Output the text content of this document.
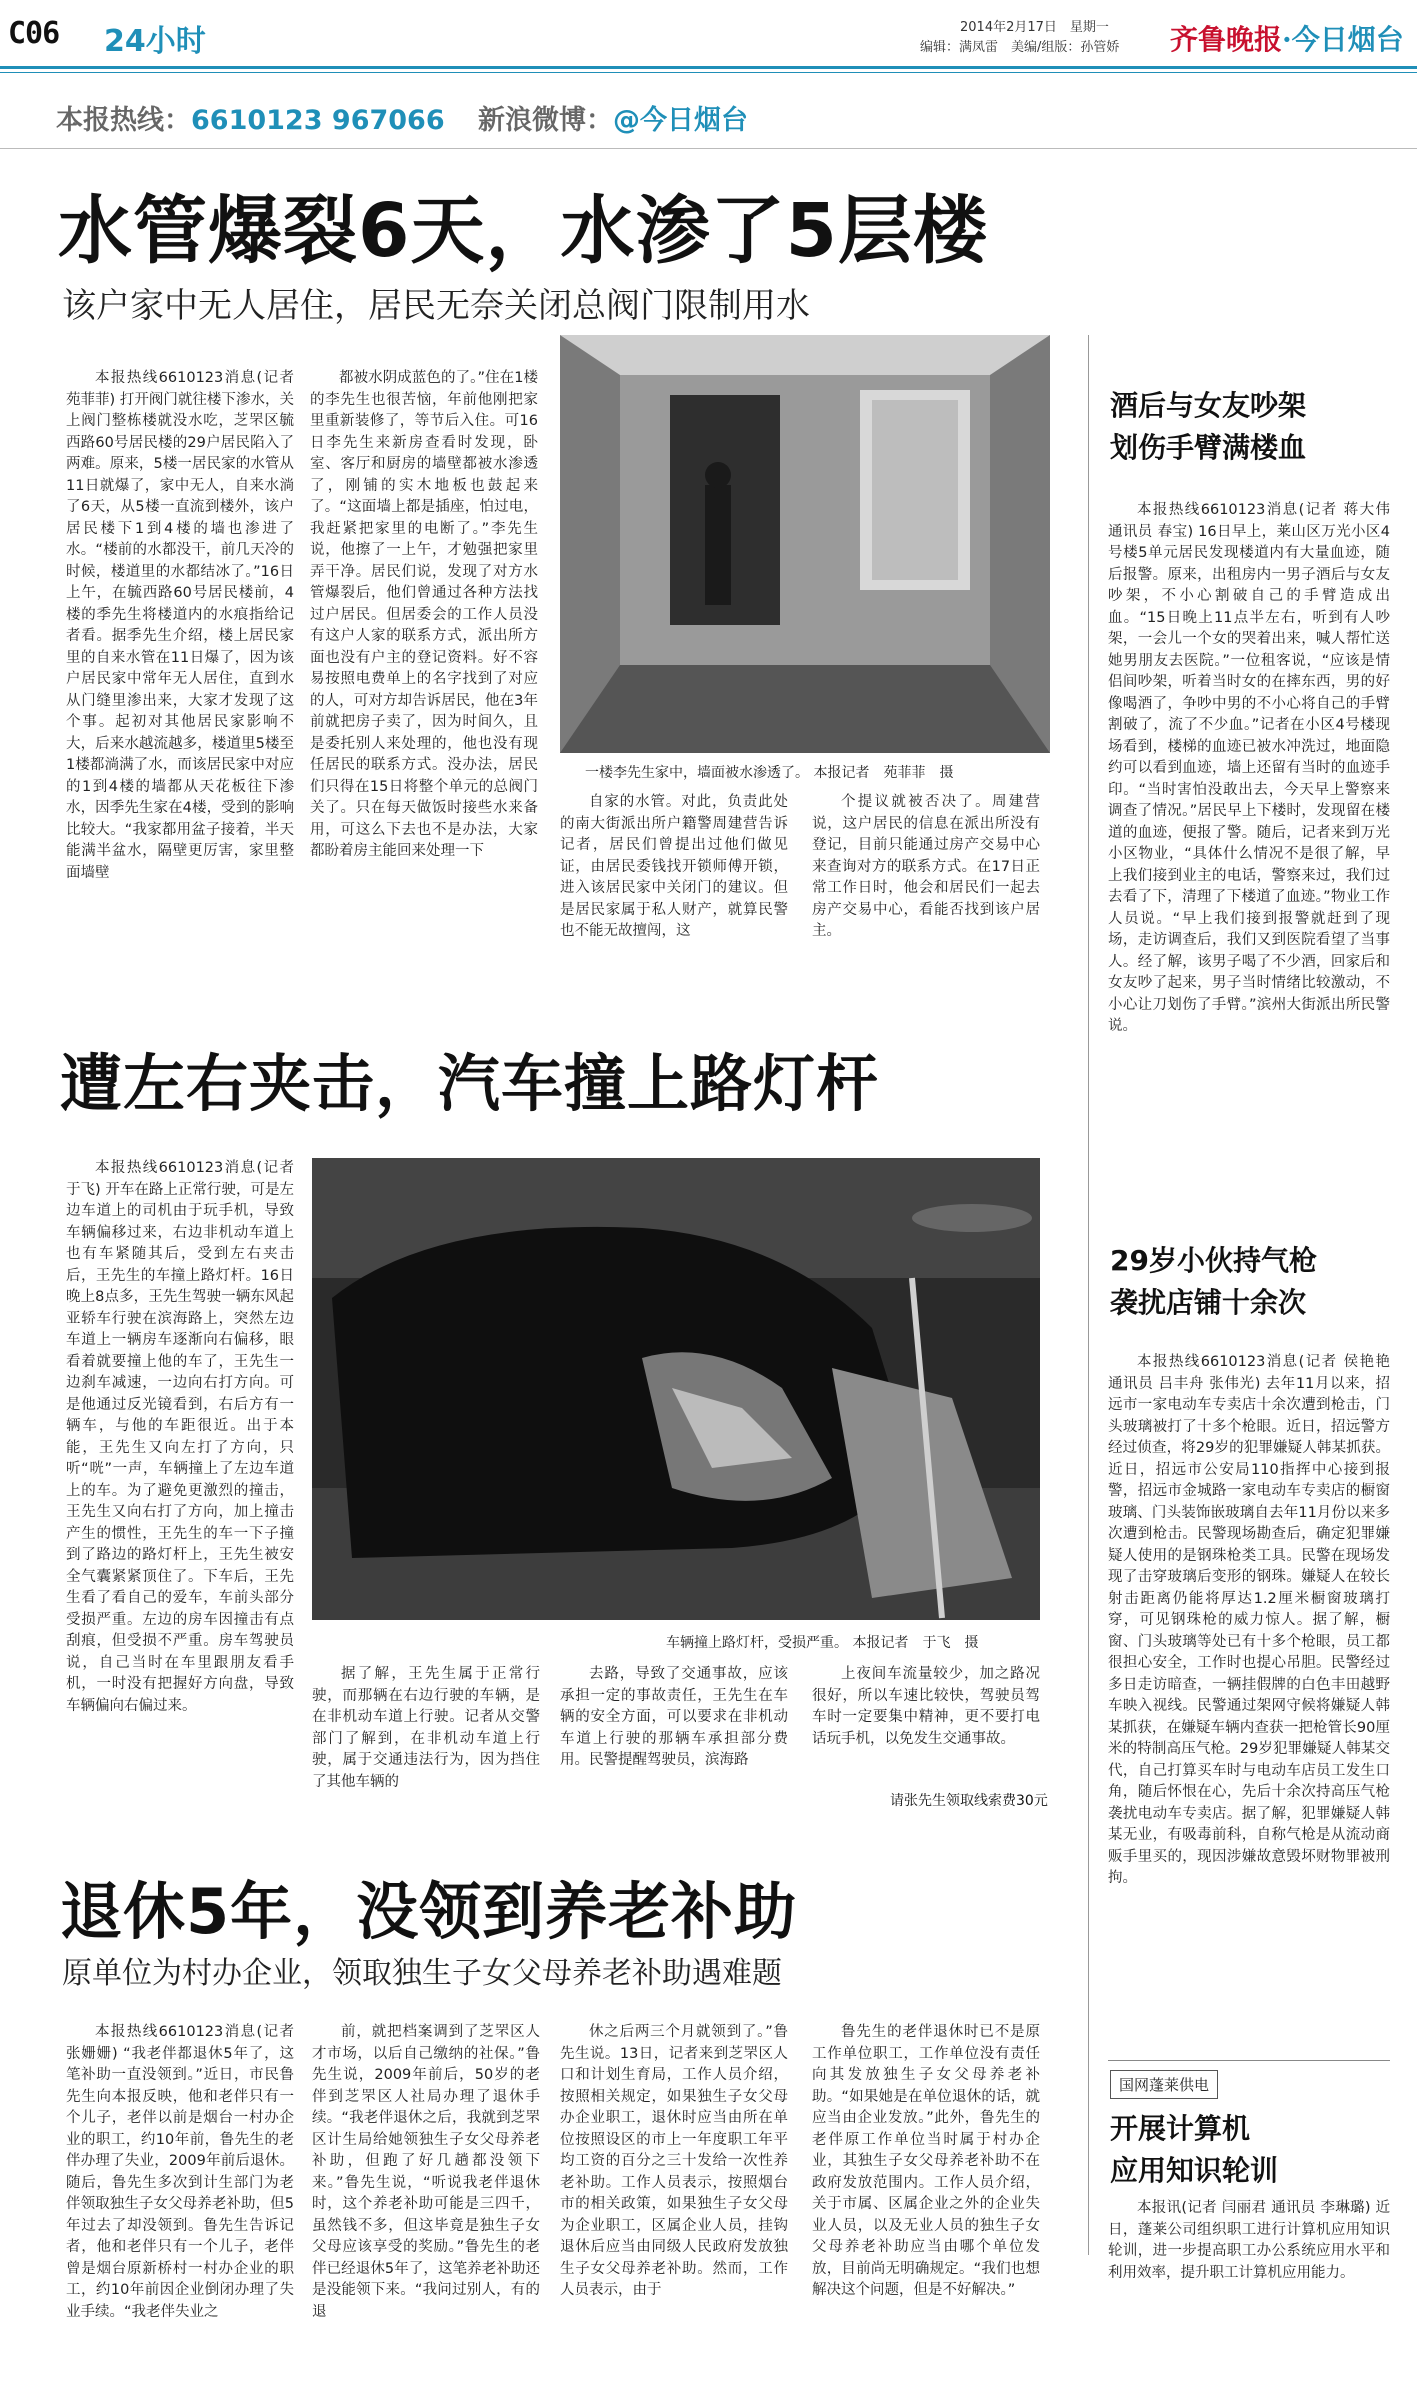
C06 24小时	2014年2月17日　星期一
编辑：满凤雷　美编/组版：孙管娇 齐鲁晚报·今日烟台
本报热线：6610123 967066 新浪微博：@今日烟台
水管爆裂6天，水渗了5层楼
该户家中无人居住，居民无奈关闭总阀门限制用水

本报热线6610123消息(记者 苑菲菲) 打开阀门就往楼下渗水，关上阀门整栋楼就没水吃，芝罘区毓西路60号居民楼的29户居民陷入了两难。原来，5楼一居民家的水管从11日就爆了，家中无人，自来水淌了6天，从5楼一直流到楼外，该户居民楼下1到4楼的墙也渗进了水。“楼前的水都没干，前几天冷的时候，楼道里的水都结冰了。”16日上午，在毓西路60号居民楼前，4楼的季先生将楼道内的水痕指给记者看。据季先生介绍，楼上居民家里的自来水管在11日爆了，因为该户居民家中常年无人居住，直到水从门缝里渗出来，大家才发现了这个事。起初对其他居民家影响不大，后来水越流越多，楼道里5楼至1楼都淌满了水，而该居民家中对应的1到4楼的墙都从天花板往下渗水，因季先生家在4楼，受到的影响比较大。“我家都用盆子接着，半天能满半盆水，隔壁更厉害，家里整面墙壁

都被水阴成蓝色的了。”住在1楼的李先生也很苦恼，年前他刚把家里重新装修了，等节后入住。可16日李先生来新房查看时发现，卧室、客厅和厨房的墙壁都被水渗透了，刚铺的实木地板也鼓起来了。“这面墙上都是插座，怕过电，我赶紧把家里的电断了。”李先生说，他擦了一上午，才勉强把家里弄干净。居民们说，发现了对方水管爆裂后，他们曾通过各种方法找过户居民。但居委会的工作人员没有这户人家的联系方式，派出所方面也没有户主的登记资料。好不容易按照电费单上的名字找到了对应的人，可对方却告诉居民，他在3年前就把房子卖了，因为时间久，且是委托别人来处理的，他也没有现任居民的联系方式。没办法，居民们只得在15日将整个单元的总阀门关了。只在每天做饭时接些水来备用，可这么下去也不是办法，大家都盼着房主能回来处理一下

一楼李先生家中，墙面被水渗透了。 本报记者　苑菲菲　摄

自家的水管。对此，负责此处的南大街派出所户籍警周建营告诉记者，居民们曾提出过他们做见证，由居民委钱找开锁师傅开锁，进入该居民家中关闭门的建议。但是居民家属于私人财产，就算民警也不能无故擅闯，这

个提议就被否决了。周建营说，这户居民的信息在派出所没有登记，目前只能通过房产交易中心来查询对方的联系方式。在17日正常工作日时，他会和居民们一起去房产交易中心，看能否找到该户居主。

遭左右夹击，汽车撞上路灯杆

本报热线6610123消息(记者 于飞) 开车在路上正常行驶，可是左边车道上的司机由于玩手机，导致车辆偏移过来，右边非机动车道上也有车紧随其后，受到左右夹击后，王先生的车撞上路灯杆。16日晚上8点多，王先生驾驶一辆东风起亚轿车行驶在滨海路上，突然左边车道上一辆房车逐渐向右偏移，眼看着就要撞上他的车了，王先生一边刹车减速，一边向右打方向。可是他通过反光镜看到，右后方有一辆车，与他的车距很近。出于本能，王先生又向左打了方向，只听“咣”一声，车辆撞上了左边车道上的车。为了避免更激烈的撞击，王先生又向右打了方向，加上撞击产生的惯性，王先生的车一下子撞到了路边的路灯杆上，王先生被安全气囊紧紧顶住了。下车后，王先生看了看自己的爱车，车前头部分受损严重。左边的房车因撞击有点刮痕，但受损不严重。房车驾驶员说，自己当时在车里跟朋友看手机，一时没有把握好方向盘，导致车辆偏向右偏过来。

车辆撞上路灯杆，受损严重。 本报记者　于飞　摄

据了解，王先生属于正常行驶，而那辆在右边行驶的车辆，是在非机动车道上行驶。记者从交警部门了解到，在非机动车道上行驶，属于交通违法行为，因为挡住了其他车辆的

去路，导致了交通事故，应该承担一定的事故责任，王先生在车辆的安全方面，可以要求在非机动车道上行驶的那辆车承担部分费用。民警提醒驾驶员，滨海路

上夜间车流量较少，加之路况很好，所以车速比较快，驾驶员驾车时一定要集中精神，更不要打电话玩手机，以免发生交通事故。

请张先生领取线索费30元
退休5年，没领到养老补助
原单位为村办企业，领取独生子女父母养老补助遇难题

本报热线6610123消息(记者 张姗姗) “我老伴都退休5年了，这笔补助一直没领到。”近日，市民鲁先生向本报反映，他和老伴只有一个儿子，老伴以前是烟台一村办企业的职工，约10年前，鲁先生的老伴办理了失业，2009年前后退休。随后，鲁先生多次到计生部门为老伴领取独生子女父母养老补助，但5年过去了却没领到。鲁先生告诉记者，他和老伴只有一个儿子，老伴曾是烟台原新桥村一村办企业的职工，约10年前因企业倒闭办理了失业手续。“我老伴失业之

前，就把档案调到了芝罘区人才市场，以后自己缴纳的社保。”鲁先生说，2009年前后，50岁的老伴到芝罘区人社局办理了退休手续。“我老伴退休之后，我就到芝罘区计生局给她领独生子女父母养老补助，但跑了好几趟都没领下来。”鲁先生说，“听说我老伴退休时，这个养老补助可能是三四千，虽然钱不多，但这毕竟是独生子女父母应该享受的奖励。”鲁先生的老伴已经退休5年了，这笔养老补助还是没能领下来。“我问过别人，有的退

休之后两三个月就领到了。”鲁先生说。13日，记者来到芝罘区人口和计划生育局，工作人员介绍，按照相关规定，如果独生子女父母办企业职工，退休时应当由所在单位按照设区的市上一年度职工年平均工资的百分之三十发给一次性养老补助。工作人员表示，按照烟台市的相关政策，如果独生子女父母为企业职工，区属企业人员，挂钩退休后应当由同级人民政府发放独生子女父母养老补助。然而，工作人员表示，由于

鲁先生的老伴退休时已不是原工作单位职工，工作单位没有责任向其发放独生子女父母养老补助。“如果她是在单位退休的话，就应当由企业发放。”此外，鲁先生的老伴原工作单位当时属于村办企业，其独生子女父母养老补助不在政府发放范围内。工作人员介绍，关于市属、区属企业之外的企业失业人员，以及无业人员的独生子女父母养老补助应当由哪个单位发放，目前尚无明确规定。“我们也想解决这个问题，但是不好解决。”

酒后与女友吵架
划伤手臂满楼血

本报热线6610123消息(记者 蒋大伟 通讯员 春宝) 16日早上，莱山区万光小区4号楼5单元居民发现楼道内有大量血迹，随后报警。原来，出租房内一男子酒后与女友吵架，不小心割破自己的手臂造成出血。“15日晚上11点半左右，听到有人吵架，一会儿一个女的哭着出来，喊人帮忙送她男朋友去医院。”一位租客说，“应该是情侣间吵架，听着当时女的在摔东西，男的好像喝酒了，争吵中男的不小心将自己的手臂割破了，流了不少血。”记者在小区4号楼现场看到，楼梯的血迹已被水冲洗过，地面隐约可以看到血迹，墙上还留有当时的血迹手印。“当时害怕没敢出去，今天早上警察来调查了情况。”居民早上下楼时，发现留在楼道的血迹，便报了警。随后，记者来到万光小区物业，“具体什么情况不是很了解，早上我们接到业主的电话，警察来过，我们过去看了下，清理了下楼道了血迹。”物业工作人员说。“早上我们接到报警就赶到了现场，走访调查后，我们又到医院看望了当事人。经了解，该男子喝了不少酒，回家后和女友吵了起来，男子当时情绪比较激动，不小心让刀划伤了手臂。”滨州大街派出所民警说。

29岁小伙持气枪
袭扰店铺十余次

本报热线6610123消息(记者 侯艳艳 通讯员 吕丰舟 张伟光) 去年11月以来，招远市一家电动车专卖店十余次遭到枪击，门头玻璃被打了十多个枪眼。近日，招远警方经过侦查，将29岁的犯罪嫌疑人韩某抓获。近日，招远市公安局110指挥中心接到报警，招远市金城路一家电动车专卖店的橱窗玻璃、门头装饰嵌玻璃自去年11月份以来多次遭到枪击。民警现场勘查后，确定犯罪嫌疑人使用的是钢珠枪类工具。民警在现场发现了击穿玻璃后变形的钢珠。嫌疑人在较长射击距离仍能将厚达1.2厘米橱窗玻璃打穿，可见钢珠枪的威力惊人。据了解，橱窗、门头玻璃等处已有十多个枪眼，员工都很担心安全，工作时也提心吊胆。民警经过多日走访暗查，一辆挂假牌的白色丰田越野车映入视线。民警通过架网守候将嫌疑人韩某抓获，在嫌疑车辆内查获一把枪管长90厘米的特制高压气枪。29岁犯罪嫌疑人韩某交代，自己打算买车时与电动车店员工发生口角，随后怀恨在心，先后十余次持高压气枪袭扰电动车专卖店。据了解，犯罪嫌疑人韩某无业，有吸毒前科，自称气枪是从流动商贩手里买的，现因涉嫌故意毁坏财物罪被刑拘。

国网蓬莱供电
开展计算机
应用知识轮训

本报讯(记者 闫丽君 通讯员 李琳璐) 近日，蓬莱公司组织职工进行计算机应用知识轮训，进一步提高职工办公系统应用水平和利用效率，提升职工计算机应用能力。
